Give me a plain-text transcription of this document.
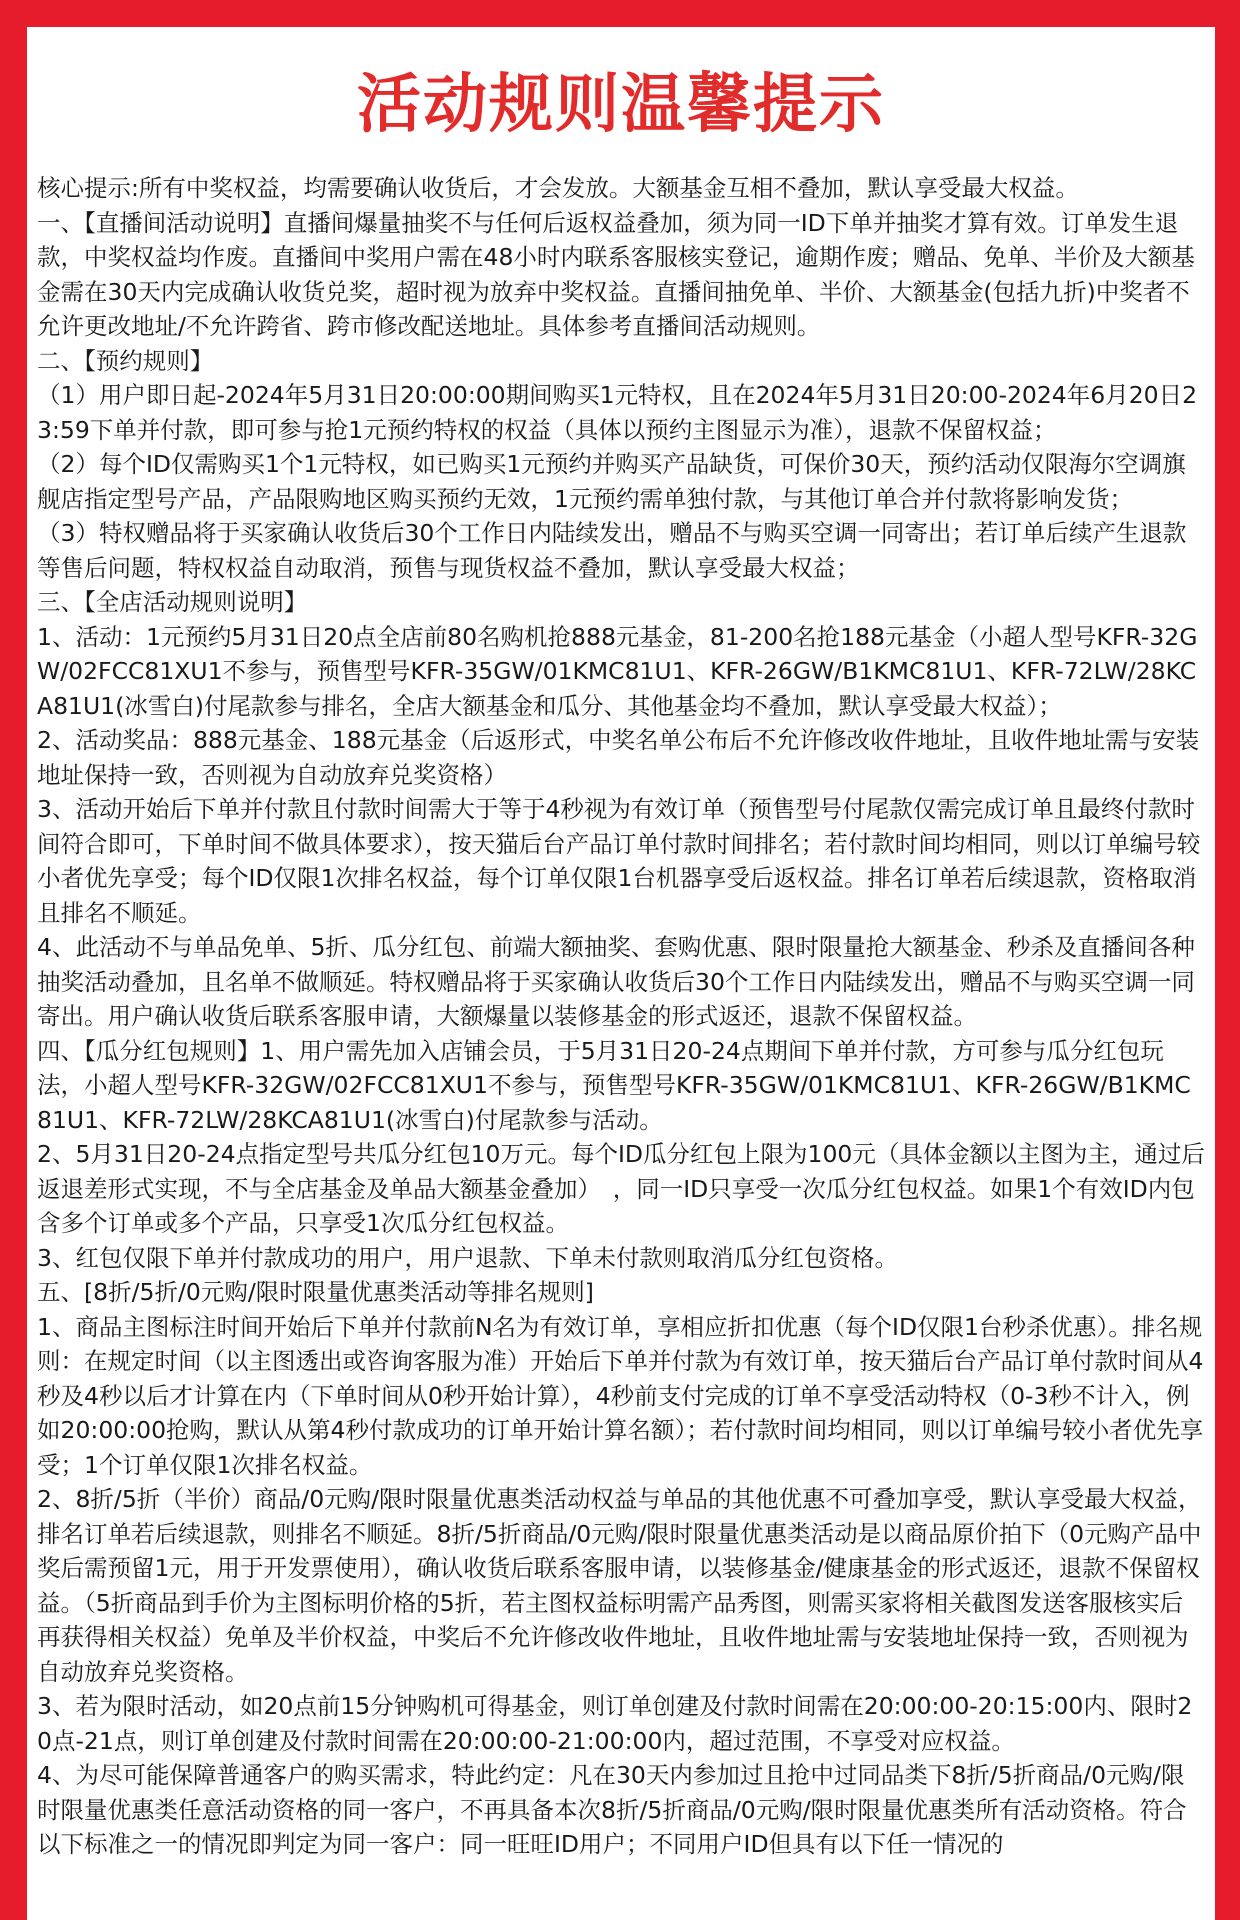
活动规则温馨提示

核心提示:所有中奖权益，均需要确认收货后，才会发放。大额基金互相不叠加，默认享受最大权益。

一、【直播间活动说明】直播间爆量抽奖不与任何后返权益叠加，须为同一ID下单并抽奖才算有效。订单发生退款，中奖权益均作废。直播间中奖用户需在48小时内联系客服核实登记，逾期作废；赠品、免单、半价及大额基金需在30天内完成确认收货兑奖，超时视为放弃中奖权益。直播间抽免单、半价、大额基金(包括九折)中奖者不允许更改地址/不允许跨省、跨市修改配送地址。具体参考直播间活动规则。

二、【预约规则】

（1）用户即日起-2024年5月31日20:00:00期间购买1元特权，且在2024年5月31日20:00-2024年6月20日23:59下单并付款，即可参与抢1元预约特权的权益（具体以预约主图显示为准），退款不保留权益；

（2）每个ID仅需购买1个1元特权，如已购买1元预约并购买产品缺货，可保价30天，预约活动仅限海尔空调旗舰店指定型号产品，产品限购地区购买预约无效，1元预约需单独付款，与其他订单合并付款将影响发货；

（3）特权赠品将于买家确认收货后30个工作日内陆续发出，赠品不与购买空调一同寄出；若订单后续产生退款等售后问题，特权权益自动取消，预售与现货权益不叠加，默认享受最大权益；

三、【全店活动规则说明】

1、活动：1元预约5月31日20点全店前80名购机抢888元基金，81-200名抢188元基金（小超人型号KFR-32GW/02FCC81XU1不参与，预售型号KFR-35GW/01KMC81U1、KFR-26GW/B1KMC81U1、KFR-72LW/28KCA81U1(冰雪白)付尾款参与排名，全店大额基金和瓜分、其他基金均不叠加，默认享受最大权益）；

2、活动奖品：888元基金、188元基金（后返形式，中奖名单公布后不允许修改收件地址，且收件地址需与安装地址保持一致，否则视为自动放弃兑奖资格）

3、活动开始后下单并付款且付款时间需大于等于4秒视为有效订单（预售型号付尾款仅需完成订单且最终付款时间符合即可，下单时间不做具体要求），按天猫后台产品订单付款时间排名；若付款时间均相同，则以订单编号较小者优先享受；每个ID仅限1次排名权益，每个订单仅限1台机器享受后返权益。排名订单若后续退款，资格取消且排名不顺延。

4、此活动不与单品免单、5折、瓜分红包、前端大额抽奖、套购优惠、限时限量抢大额基金、秒杀及直播间各种抽奖活动叠加，且名单不做顺延。特权赠品将于买家确认收货后30个工作日内陆续发出，赠品不与购买空调一同寄出。用户确认收货后联系客服申请，大额爆量以装修基金的形式返还，退款不保留权益。

四、【瓜分红包规则】1、用户需先加入店铺会员，于5月31日20-24点期间下单并付款，方可参与瓜分红包玩法，小超人型号KFR-32GW/02FCC81XU1不参与，预售型号KFR-35GW/01KMC81U1、KFR-26GW/B1KMC81U1、KFR-72LW/28KCA81U1(冰雪白)付尾款参与活动。

2、5月31日20-24点指定型号共瓜分红包10万元。每个ID瓜分红包上限为100元（具体金额以主图为主，通过后返退差形式实现，不与全店基金及单品大额基金叠加）　，同一ID只享受一次瓜分红包权益。如果1个有效ID内包含多个订单或多个产品，只享受1次瓜分红包权益。

3、红包仅限下单并付款成功的用户，用户退款、下单未付款则取消瓜分红包资格。

五、[8折/5折/0元购/限时限量优惠类活动等排名规则]

1、商品主图标注时间开始后下单并付款前N名为有效订单，享相应折扣优惠（每个ID仅限1台秒杀优惠）。排名规则：在规定时间（以主图透出或咨询客服为准）开始后下单并付款为有效订单，按天猫后台产品订单付款时间从4秒及4秒以后才计算在内（下单时间从0秒开始计算），4秒前支付完成的订单不享受活动特权（0-3秒不计入，例如20:00:00抢购，默认从第4秒付款成功的订单开始计算名额）；若付款时间均相同，则以订单编号较小者优先享受；1个订单仅限1次排名权益。

2、8折/5折（半价）商品/0元购/限时限量优惠类活动权益与单品的其他优惠不可叠加享受，默认享受最大权益，排名订单若后续退款，则排名不顺延。8折/5折商品/0元购/限时限量优惠类活动是以商品原价拍下（0元购产品中奖后需预留1元，用于开发票使用），确认收货后联系客服申请，以装修基金/健康基金的形式返还，退款不保留权益。（5折商品到手价为主图标明价格的5折，若主图权益标明需产品秀图，则需买家将相关截图发送客服核实后再获得相关权益）免单及半价权益，中奖后不允许修改收件地址，且收件地址需与安装地址保持一致，否则视为自动放弃兑奖资格。

3、若为限时活动，如20点前15分钟购机可得基金，则订单创建及付款时间需在20:00:00-20:15:00内、限时20点-21点，则订单创建及付款时间需在20:00:00-21:00:00内，超过范围，不享受对应权益。

4、为尽可能保障普通客户的购买需求，特此约定：凡在30天内参加过且抢中过同品类下8折/5折商品/0元购/限时限量优惠类任意活动资格的同一客户，不再具备本次8折/5折商品/0元购/限时限量优惠类所有活动资格。符合以下标准之一的情况即判定为同一客户：同一旺旺ID用户；不同用户ID但具有以下任一情况的
